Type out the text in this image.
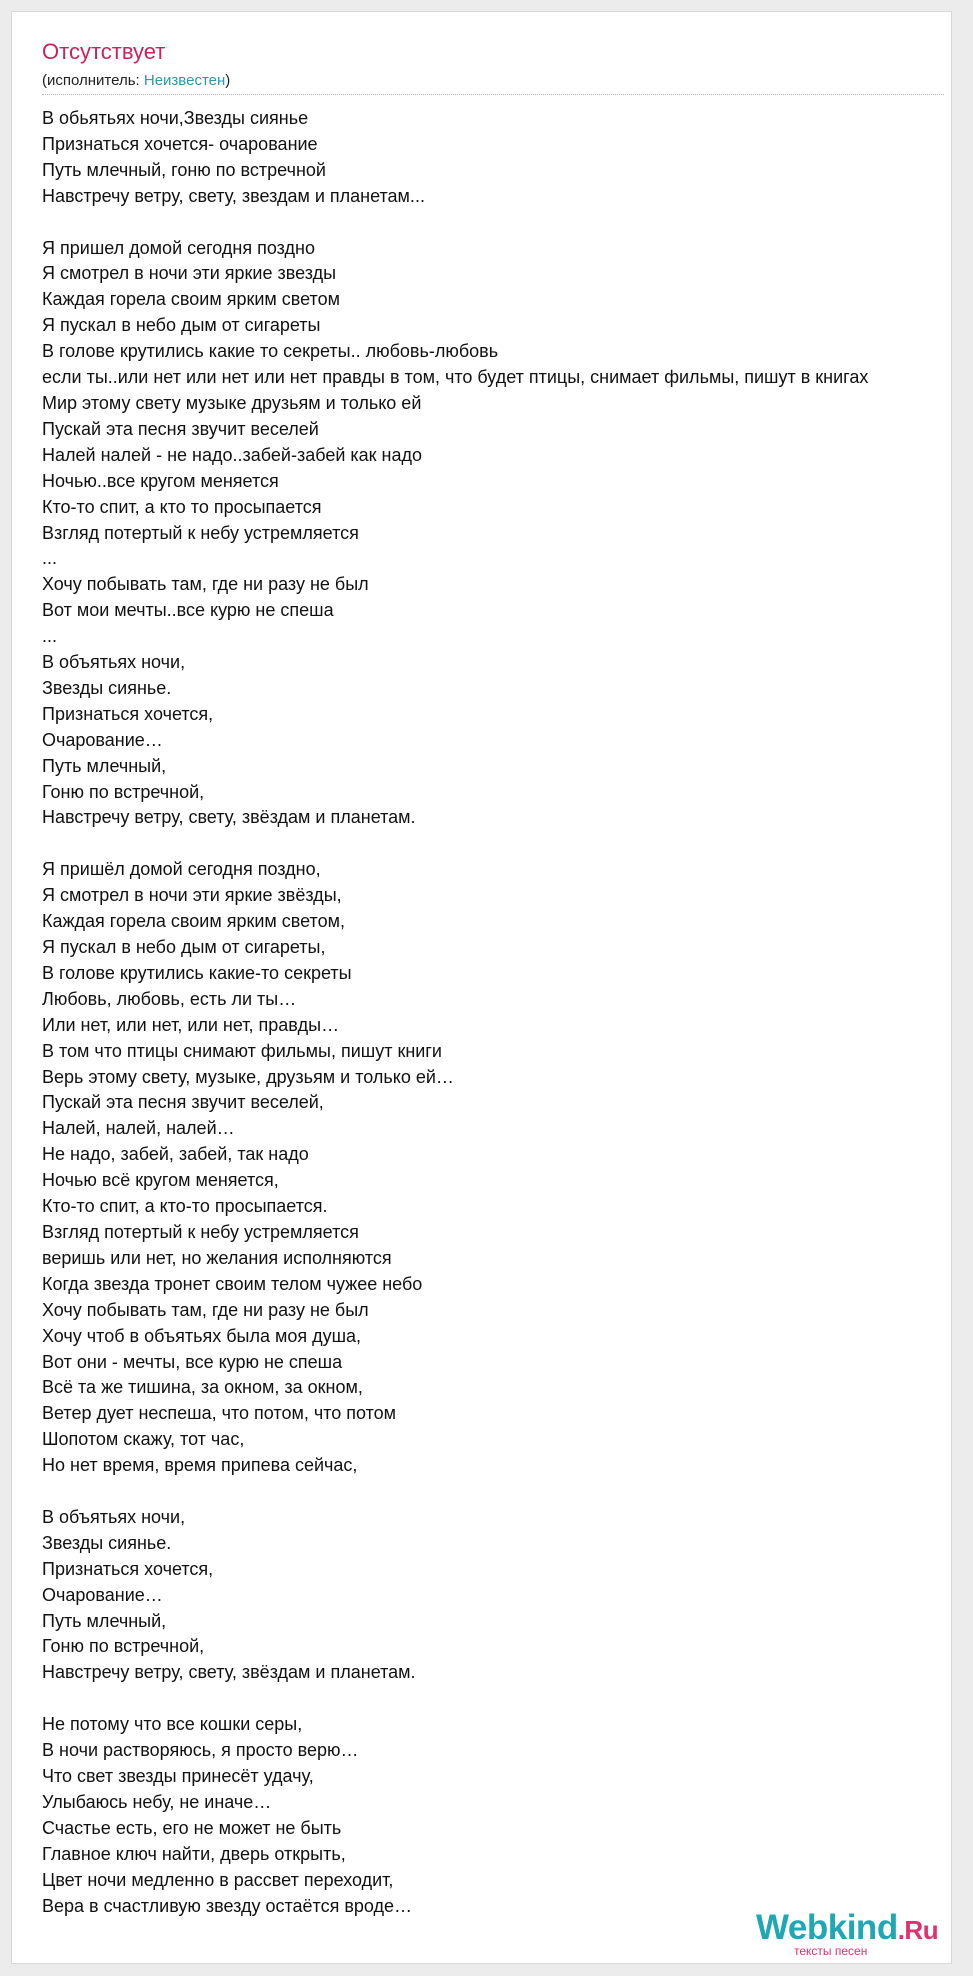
Отсутствует
(исполнитель: Неизвестен)
В обьятьях ночи,Звезды сиянье
Признаться хочется- очарование
Путь млечный, гоню по встречной
Навстречу ветру, свету, звездам и планетам...

Я пришел домой сегодня поздно
Я смотрел в ночи эти яркие звезды
Каждая горела своим ярким светом
Я пускал в небо дым от сигареты
В голове крутились какие то секреты.. любовь-любовь
если ты..или нет или нет или нет правды в том, что будет птицы, снимает фильмы, пишут в книгах
Мир этому свету музыке друзьям и только ей
Пускай эта песня звучит веселей
Налей налей - не надо..забей-забей как надо
Ночью..все кругом меняется
Кто-то спит, а кто то просыпается
Взгляд потертый к небу устремляется
...
Хочу побывать там, где ни разу не был
Вот мои мечты..все курю не спеша
...
В объятьях ночи,
Звезды сиянье.
Признаться хочется,
Очарование…
Путь млечный,
Гоню по встречной,
Навстречу ветру, свету, звёздам и планетам.

Я пришёл домой сегодня поздно,
Я смотрел в ночи эти яркие звёзды,
Каждая горела своим ярким светом,
Я пускал в небо дым от сигареты,
В голове крутились какие-то секреты
Любовь, любовь, есть ли ты…
Или нет, или нет, или нет, правды…
В том что птицы снимают фильмы, пишут книги
Верь этому свету, музыке, друзьям и только ей…
Пускай эта песня звучит веселей,
Налей, налей, налей…
Не надо, забей, забей, так надо
Ночью всё кругом меняется,
Кто-то спит, а кто-то просыпается.
Взгляд потертый к небу устремляется
веришь или нет, но желания исполняются
Когда звезда тронет своим телом чужее небо
Хочу побывать там, где ни разу не был
Хочу чтоб в объятьях была моя душа,
Вот они - мечты, все курю не спеша
Всё та же тишина, за окном, за окном,
Ветер дует неспеша, что потом, что потом
Шопотом скажу, тот час,
Но нет время, время припева сейчас,

В объятьях ночи,
Звезды сиянье.
Признаться хочется,
Очарование…
Путь млечный,
Гоню по встречной,
Навстречу ветру, свету, звёздам и планетам.

Не потому что все кошки серы,
В ночи растворяюсь, я просто верю…
Что свет звезды принесёт удачу,
Улыбаюсь небу, не иначе…
Счастье есть, его не может не быть
Главное ключ найти, дверь открыть,
Цвет ночи медленно в рассвет переходит,
Вера в счастливую звезду остаётся вроде…
Webkind.Ru
тексты песен
